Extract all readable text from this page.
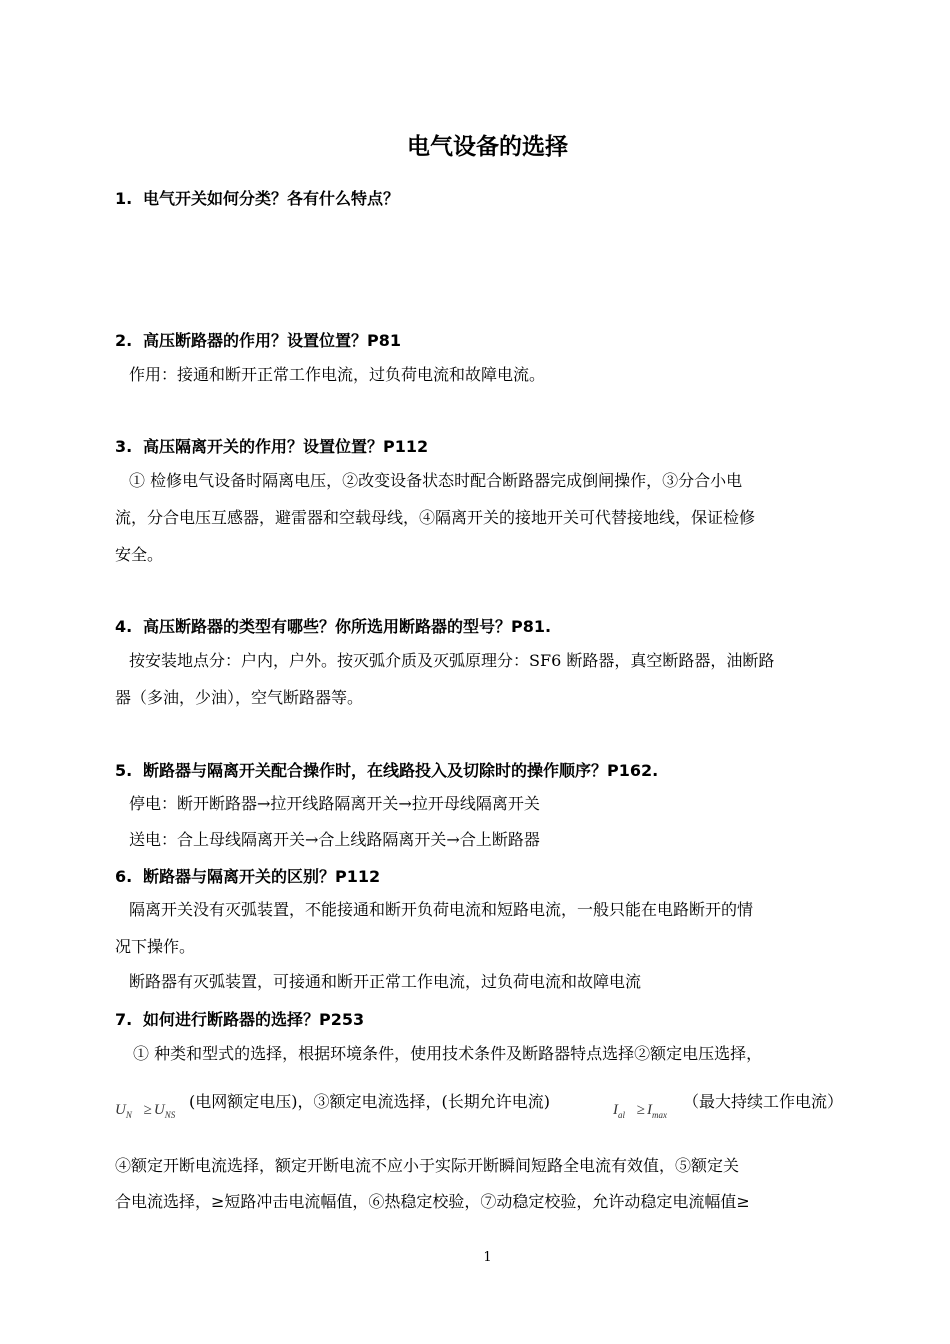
电气设备的选择
1. 电气开关如何分类？各有什么特点？
2. 高压断路器的作用？设置位置？P81
作用：接通和断开正常工作电流，过负荷电流和故障电流。
3. 高压隔离开关的作用？设置位置？P112
① 检修电气设备时隔离电压，②改变设备状态时配合断路器完成倒闸操作，③分合小电
流，分合电压互感器，避雷器和空载母线，④隔离开关的接地开关可代替接地线，保证检修
安全。
4. 高压断路器的类型有哪些？你所选用断路器的型号？P81.
按安装地点分：户内，户外。按灭弧介质及灭弧原理分：SF6 断路器，真空断路器，油断路
器（多油，少油），空气断路器等。
5. 断路器与隔离开关配合操作时，在线路投入及切除时的操作顺序？P162.
停电：断开断路器→拉开线路隔离开关→拉开母线隔离开关
送电：合上母线隔离开关→合上线路隔离开关→合上断路器
6. 断路器与隔离开关的区别？P112
隔离开关没有灭弧装置，不能接通和断开负荷电流和短路电流，一般只能在电路断开的情
况下操作。
断路器有灭弧装置，可接通和断开正常工作电流，过负荷电流和故障电流
7. 如何进行断路器的选择？P253
① 种类和型式的选择，根据环境条件，使用技术条件及断路器特点选择②额定电压选择，
$U_N \ge U_{NS}$
(电网额定电压)，③额定电流选择，(长期允许电流)	$I_{al} \ge I_{max}$
（最大持续工作电流）
④额定开断电流选择，额定开断电流不应小于实际开断瞬间短路全电流有效值，⑤额定关
合电流选择，≥短路冲击电流幅值，⑥热稳定校验，⑦动稳定校验，允许动稳定电流幅值≥
1
